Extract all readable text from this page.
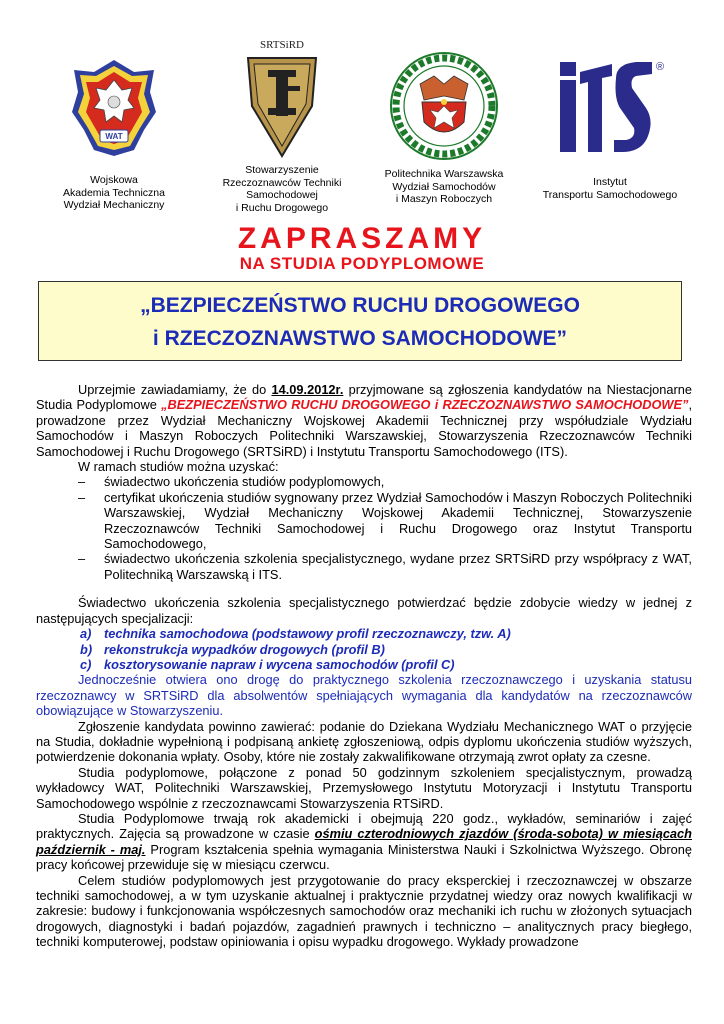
WAT
Wojskowa
Akademia Techniczna
Wydział Mechaniczny
SRTSiRD
Stowarzyszenie
Rzeczoznawców Techniki
Samochodowej
i Ruchu Drogowego
Politechnika Warszawska
Wydział Samochodów
i Maszyn Roboczych
®
Instytut
Transportu Samochodowego
ZAPRASZAMY
NA STUDIA PODYPLOMOWE
„BEZPIECZEŃSTWO RUCHU DROGOWEGO
i RZECZOZNAWSTWO SAMOCHODOWE”

Uprzejmie zawiadamiamy, że do 14.09.2012r. przyjmowane są zgłoszenia kandydatów na Niestacjonarne Studia Podyplomowe „BEZPIECZEŃSTWO RUCHU DROGOWEGO i RZECZOZNAWSTWO SAMOCHODOWE”, prowadzone przez Wydział Mechaniczny Wojskowej Akademii Technicznej przy współudziale Wydziału Samochodów i Maszyn Roboczych Politechniki Warszawskiej, Stowarzyszenia Rzeczoznawców Techniki Samochodowej i Ruchu Drogowego (SRTSiRD) i Instytutu Transportu Samochodowego (ITS).

W ramach studiów można uzyskać:

– świadectwo ukończenia studiów podyplomowych,
– certyfikat ukończenia studiów sygnowany przez Wydział Samochodów i Maszyn Roboczych Politechniki Warszawskiej, Wydział Mechaniczny Wojskowej Akademii Technicznej, Stowarzyszenie Rzeczoznawców Techniki Samochodowej i Ruchu Drogowego oraz Instytut Transportu Samochodowego,
– świadectwo ukończenia szkolenia specjalistycznego, wydane przez SRTSiRD przy współpracy z WAT, Politechniką Warszawską i ITS.

Świadectwo ukończenia szkolenia specjalistycznego potwierdzać będzie zdobycie wiedzy w jednej z następujących specjalizacji:

a) technika samochodowa (podstawowy profil rzeczoznawczy, tzw. A)
b) rekonstrukcja wypadków drogowych (profil B)
c) kosztorysowanie napraw i wycena samochodów (profil C)

Jednocześnie otwiera ono drogę do praktycznego szkolenia rzeczoznawczego i uzyskania statusu rzeczoznawcy w SRTSiRD dla absolwentów spełniających wymagania dla kandydatów na rzeczoznawców obowiązujące w Stowarzyszeniu.

Zgłoszenie kandydata powinno zawierać: podanie do Dziekana Wydziału Mechanicznego WAT o przyjęcie na Studia, dokładnie wypełnioną i podpisaną ankietę zgłoszeniową, odpis dyplomu ukończenia studiów wyższych, potwierdzenie dokonania wpłaty. Osoby, które nie zostały zakwalifikowane otrzymają zwrot opłaty za czesne.

Studia podyplomowe, połączone z ponad 50 godzinnym szkoleniem specjalistycznym, prowadzą wykładowcy WAT, Politechniki Warszawskiej, Przemysłowego Instytutu Motoryzacji i Instytutu Transportu Samochodowego wspólnie z rzeczoznawcami Stowarzyszenia RTSiRD.

Studia Podyplomowe trwają rok akademicki i obejmują 220 godz., wykładów, seminariów i zajęć praktycznych. Zajęcia są prowadzone w czasie ośmiu czterodniowych zjazdów (środa-sobota) w miesiącach październik - maj. Program kształcenia spełnia wymagania Ministerstwa Nauki i Szkolnictwa Wyższego. Obronę pracy końcowej przewiduje się w miesiącu czerwcu.

Celem studiów podyplomowych jest przygotowanie do pracy eksperckiej i rzeczoznawczej w obszarze techniki samochodowej, a w tym uzyskanie aktualnej i praktycznie przydatnej wiedzy oraz nowych kwalifikacji w zakresie: budowy i funkcjonowania współczesnych samochodów oraz mechaniki ich ruchu w złożonych sytuacjach drogowych, diagnostyki i badań pojazdów, zagadnień prawnych i techniczno – analitycznych pracy biegłego, techniki komputerowej, podstaw opiniowania i opisu wypadku drogowego. Wykłady prowadzone
